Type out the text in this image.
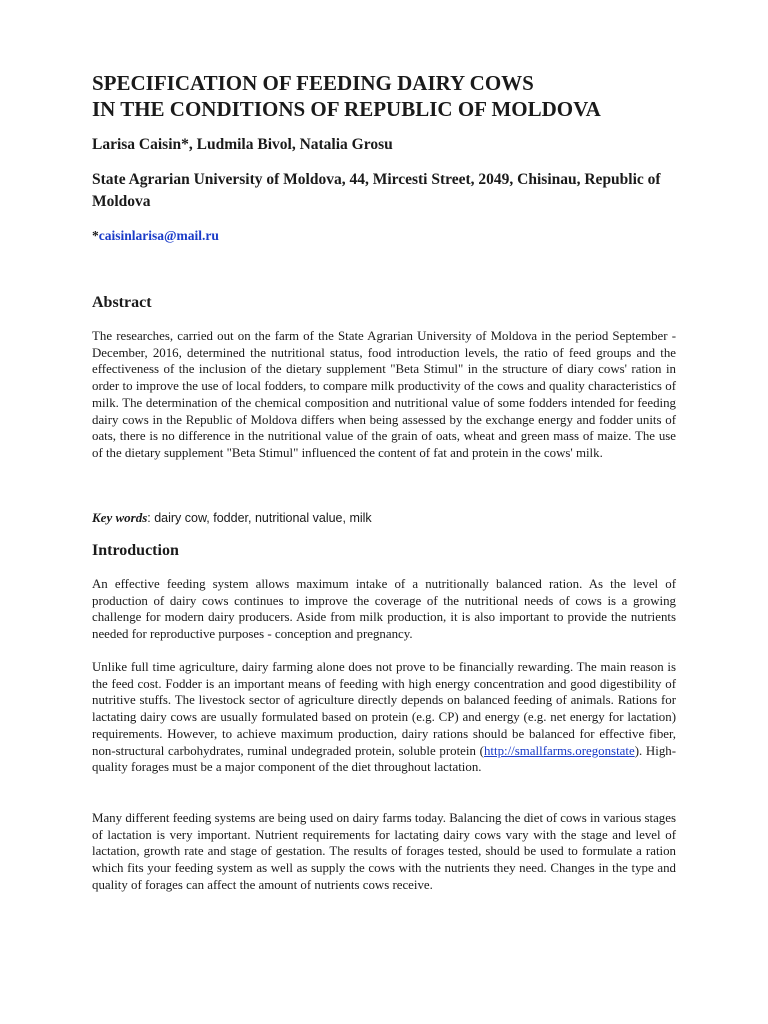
SPECIFICATION OF FEEDING DAIRY COWS
IN THE CONDITIONS OF REPUBLIC OF MOLDOVA

Larisa Caisin*, Ludmila Bivol, Natalia Grosu

State Agrarian University of Moldova, 44, Mircesti Street, 2049, Chisinau, Republic of Moldova

*caisinlarisa@mail.ru

Abstract

The researches, carried out on the farm of the State Agrarian University of Moldova in the period September - December, 2016, determined the nutritional status, food introduction levels, the ratio of feed groups and the effectiveness of the inclusion of the dietary supplement "Beta Stimul" in the structure of diary cows' ration in order to improve the use of local fodders, to compare milk productivity of the cows and quality characteristics of milk. The determination of the chemical composition and nutritional value of some fodders intended for feeding dairy cows in the Republic of Moldova differs when being assessed by the exchange energy and fodder units of oats, there is no difference in the nutritional value of the grain of oats, wheat and green mass of maize. The use of the dietary supplement "Beta Stimul" influenced the content of fat and protein in the cows' milk.

Key words: dairy cow, fodder, nutritional value, milk

Introduction

An effective feeding system allows maximum intake of a nutritionally balanced ration. As the level of production of dairy cows continues to improve the coverage of the nutritional needs of cows is a growing challenge for modern dairy producers. Aside from milk production, it is also important to provide the nutrients needed for reproductive purposes - conception and pregnancy.

Unlike full time agriculture, dairy farming alone does not prove to be financially rewarding. The main reason is the feed cost. Fodder is an important means of feeding with high energy concentration and good digestibility of nutritive stuffs. The livestock sector of agriculture directly depends on balanced feeding of animals. Rations for lactating dairy cows are usually formulated based on protein (e.g. CP) and energy (e.g. net energy for lactation) requirements. However, to achieve maximum production, dairy rations should be balanced for effective fiber, non-structural carbohydrates, ruminal undegraded protein, soluble protein (http://smallfarms.oregonstate). High-quality forages must be a major component of the diet throughout lactation.

Many different feeding systems are being used on dairy farms today. Balancing the diet of cows in various stages of lactation is very important. Nutrient requirements for lactating dairy cows vary with the stage and level of lactation, growth rate and stage of gestation. The results of forages tested, should be used to formulate a ration which fits your feeding system as well as supply the cows with the nutrients they need. Changes in the type and quality of forages can affect the amount of nutrients cows receive.
